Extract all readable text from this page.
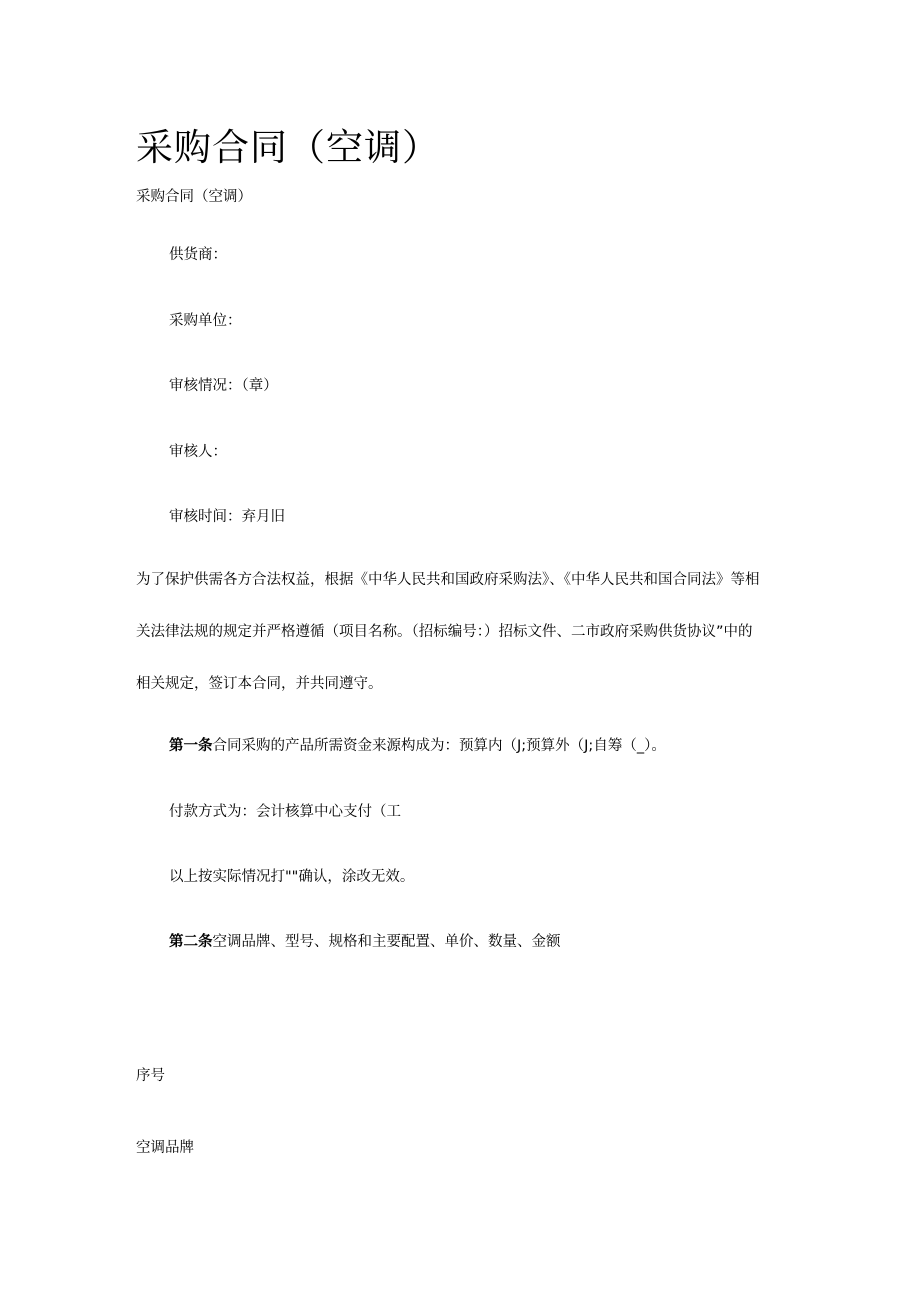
采购合同（空调）
采购合同（空调）
供货商：
采购单位：
审核情况：（章）
审核人：
审核时间：弃月旧
为了保护供需各方合法权益，根据《中华人民共和国政府采购法》、《中华人民共和国合同法》等相
关法律法规的规定并严格遵循（项目名称。（招标编号：）招标文件、二市政府采购供货协议”中的
相关规定，签订本合同，并共同遵守。
第一条合同采购的产品所需资金来源构成为：预算内（J;预算外（J;自筹（_）。
付款方式为：会计核算中心支付（工
以上按实际情况打""确认，涂改无效。
第二条空调品牌、型号、规格和主要配置、单价、数量、金额
序号
空调品牌
